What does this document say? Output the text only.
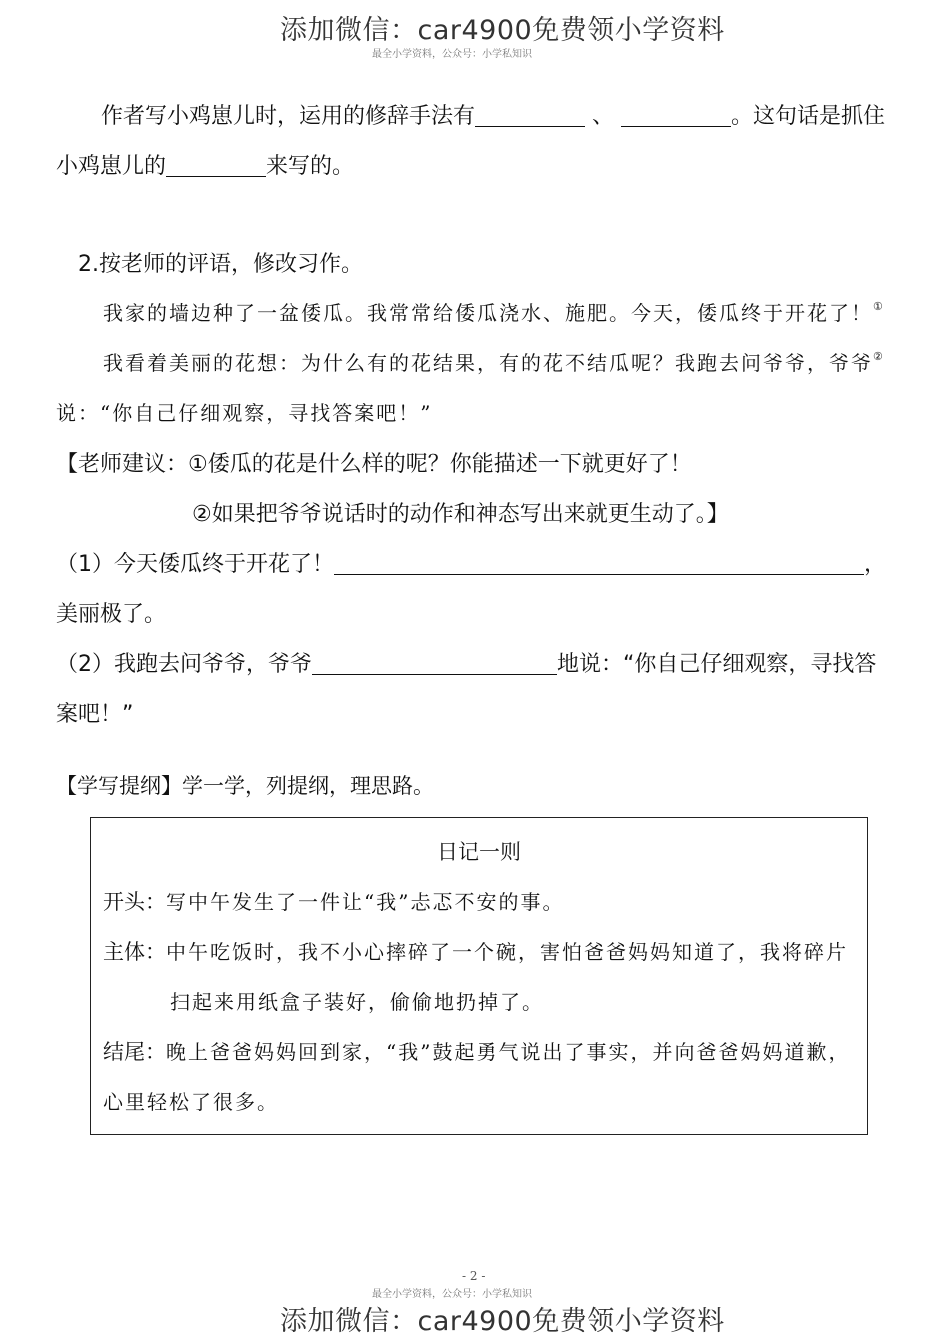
添加微信：car4900免费领小学资料
最全小学资料，公众号：小学私知识
作者写小鸡崽儿时，运用的修辞手法有	、	。这句话是抓住
小鸡崽儿的	来写的。
2.按老师的评语，修改习作。
我家的墙边种了一盆倭瓜。我常常给倭瓜浇水、施肥。今天，倭瓜终于开花了！①
我看着美丽的花想：为什么有的花结果，有的花不结瓜呢？我跑去问爷爷，爷爷②
说：“你自己仔细观察，寻找答案吧！”
【老师建议：①倭瓜的花是什么样的呢？你能描述一下就更好了！
②如果把爷爷说话时的动作和神态写出来就更生动了。】
（1）今天倭瓜终于开花了！	，
美丽极了。
（2）我跑去问爷爷，爷爷	地说：“你自己仔细观察，寻找答
案吧！”
【学写提纲】学一学，列提纲，理思路。
日记一则
开头：写中午发生了一件让“我”忐忑不安的事。
主体：中午吃饭时，我不小心摔碎了一个碗，害怕爸爸妈妈知道了，我将碎片
扫起来用纸盒子装好，偷偷地扔掉了。
结尾：晚上爸爸妈妈回到家，“我”鼓起勇气说出了事实，并向爸爸妈妈道歉，
心里轻松了很多。
- 2 -
最全小学资料，公众号：小学私知识
添加微信：car4900免费领小学资料
